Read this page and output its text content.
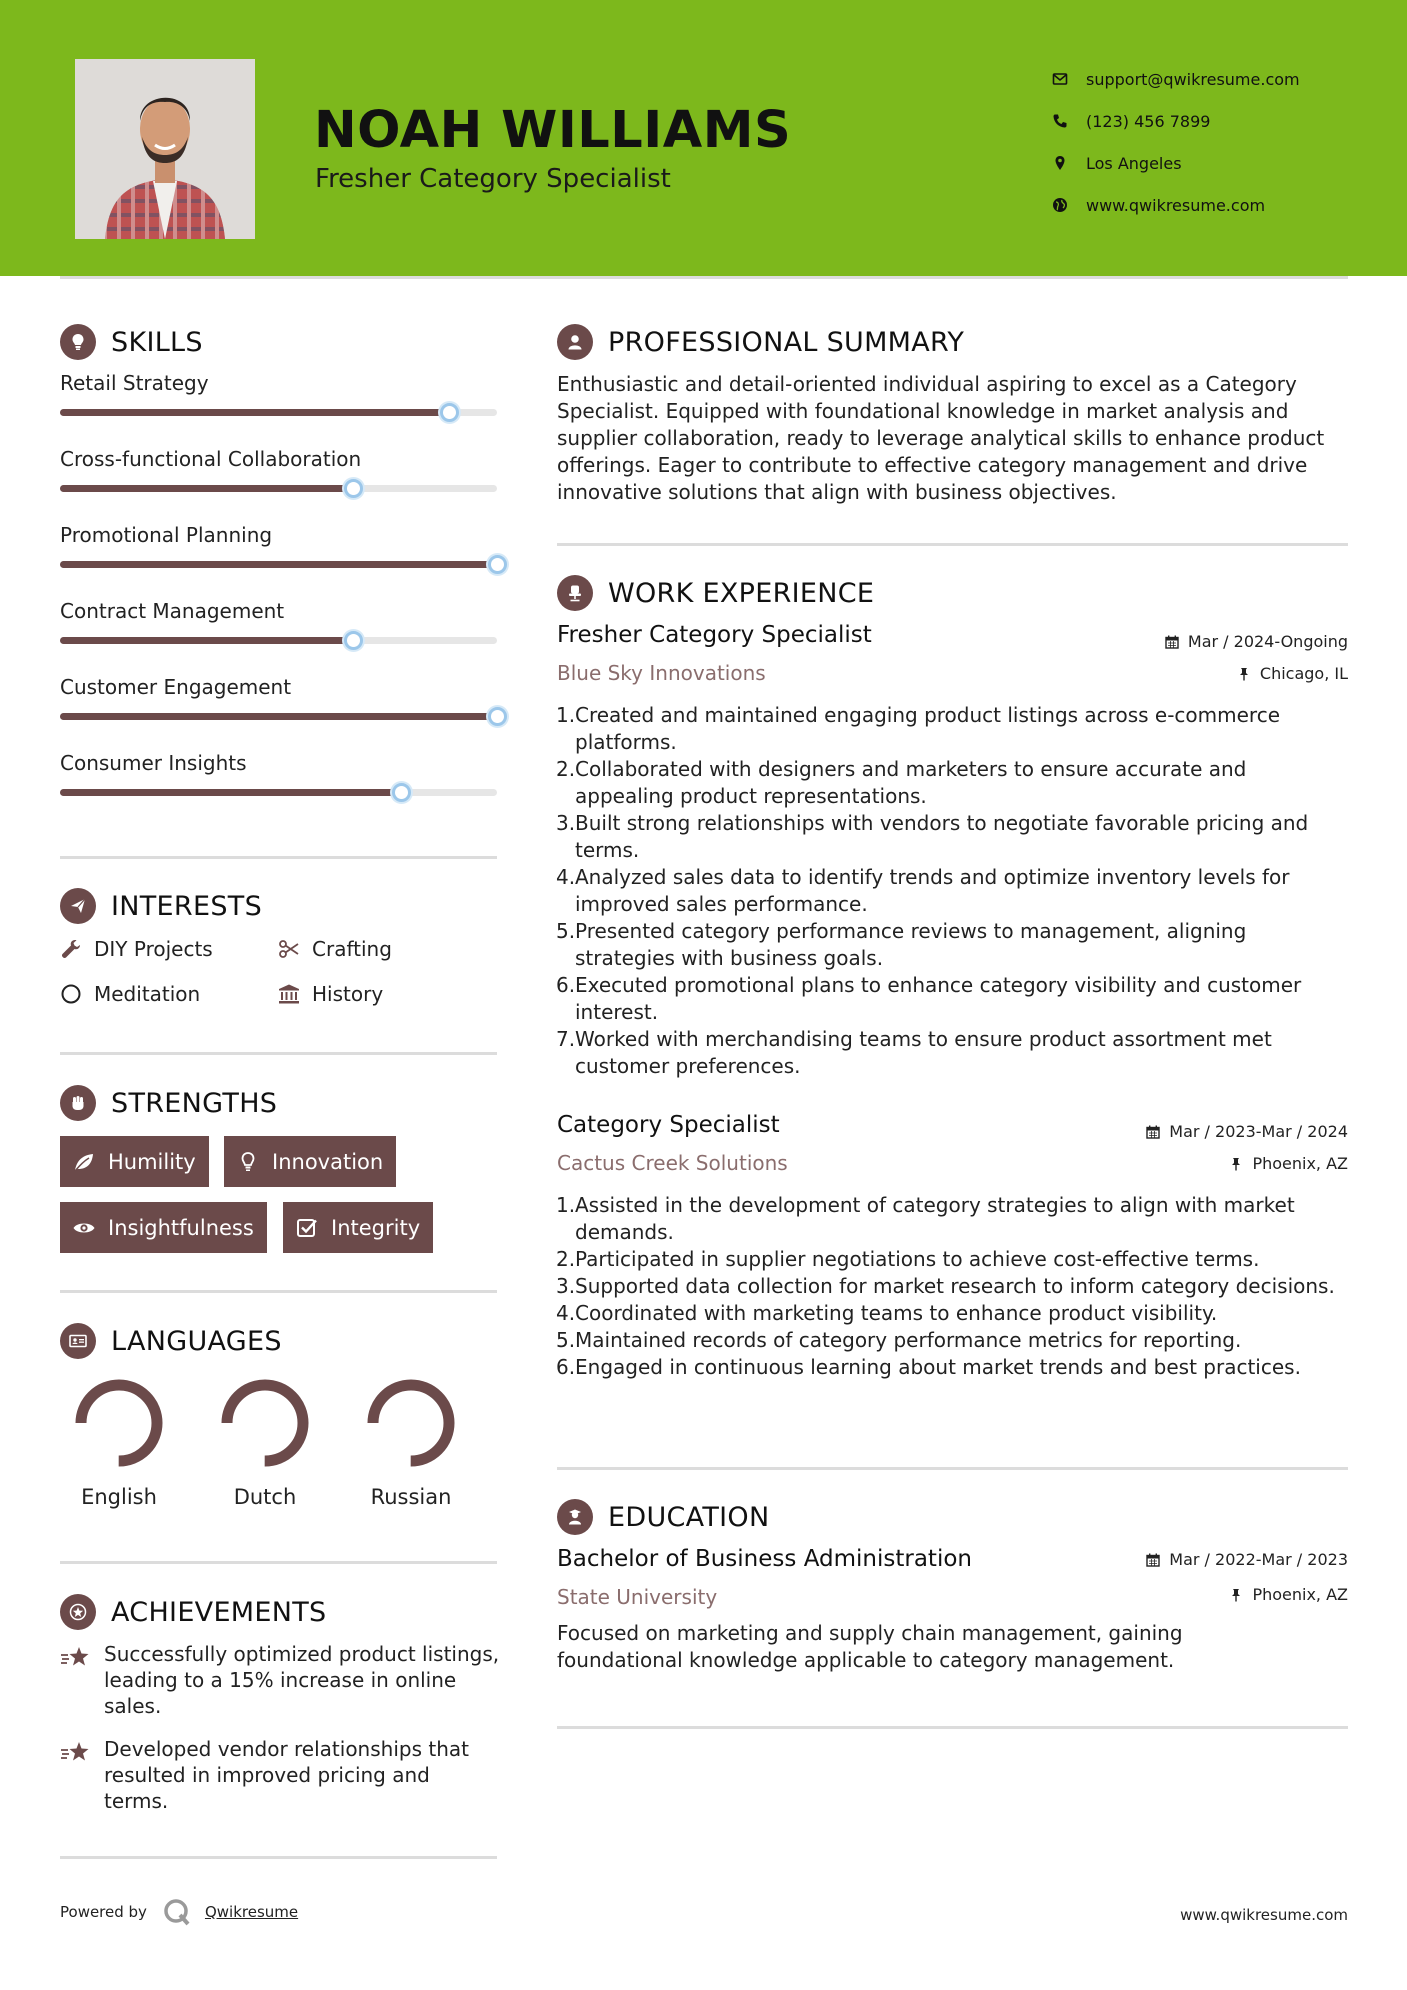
NOAH WILLIAMS
Fresher Category Specialist
support@qwikresume.com
(123) 456 7899
Los Angeles
www.qwikresume.com
SKILLS
Retail Strategy
Cross-functional Collaboration
Promotional Planning
Contract Management
Customer Engagement
Consumer Insights
INTERESTS
DIY Projects	Crafting
Meditation	History
STRENGTHS
Humility	Innovation
Insightfulness	Integrity
LANGUAGES
English	Dutch	Russian
ACHIEVEMENTS
Successfully optimized product listings, leading to a 15% increase in online sales.
Developed vendor relationships that resulted in improved pricing and terms.
PROFESSIONAL SUMMARY
Enthusiastic and detail-oriented individual aspiring to excel as a Category Specialist. Equipped with foundational knowledge in market analysis and supplier collaboration, ready to leverage analytical skills to enhance product offerings. Eager to contribute to effective category management and drive innovative solutions that align with business objectives.
WORK EXPERIENCE
Fresher Category Specialist	Mar / 2024-Ongoing
Blue Sky Innovations	Chicago, IL
1. Created and maintained engaging product listings across e-commerce platforms.
2. Collaborated with designers and marketers to ensure accurate and appealing product representations.
3. Built strong relationships with vendors to negotiate favorable pricing and terms.
4. Analyzed sales data to identify trends and optimize inventory levels for improved sales performance.
5. Presented category performance reviews to management, aligning strategies with business goals.
6. Executed promotional plans to enhance category visibility and customer interest.
7. Worked with merchandising teams to ensure product assortment met customer preferences.
Category Specialist	Mar / 2023-Mar / 2024
Cactus Creek Solutions	Phoenix, AZ
1. Assisted in the development of category strategies to align with market demands.
2. Participated in supplier negotiations to achieve cost-effective terms.
3. Supported data collection for market research to inform category decisions.
4. Coordinated with marketing teams to enhance product visibility.
5. Maintained records of category performance metrics for reporting.
6. Engaged in continuous learning about market trends and best practices.
EDUCATION
Bachelor of Business Administration	Mar / 2022-Mar / 2023
State University	Phoenix, AZ
Focused on marketing and supply chain management, gaining foundational knowledge applicable to category management.
Powered by	Qwikresume	www.qwikresume.com
